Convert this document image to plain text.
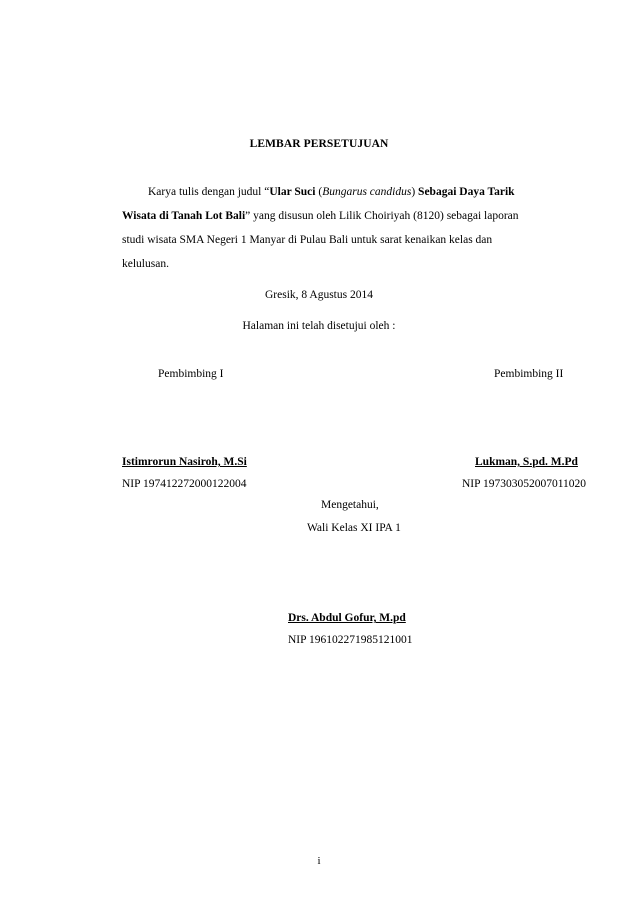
LEMBAR PERSETUJUAN
Karya tulis dengan judul “Ular Suci (Bungarus candidus) Sebagai Daya Tarik Wisata di Tanah Lot Bali” yang disusun oleh Lilik Choiriyah (8120) sebagai laporan studi wisata SMA Negeri 1 Manyar di Pulau Bali untuk sarat kenaikan kelas dan kelulusan.
Gresik, 8 Agustus 2014
Halaman ini telah disetujui oleh :
Pembimbing I	Pembimbing II
Istimrorun Nasiroh, M.Si	Lukman, S.pd. M.Pd
NIP 197412272000122004	NIP 197303052007011020
Mengetahui,
Wali Kelas XI IPA 1
Drs. Abdul Gofur, M.pd
NIP 196102271985121001
i
